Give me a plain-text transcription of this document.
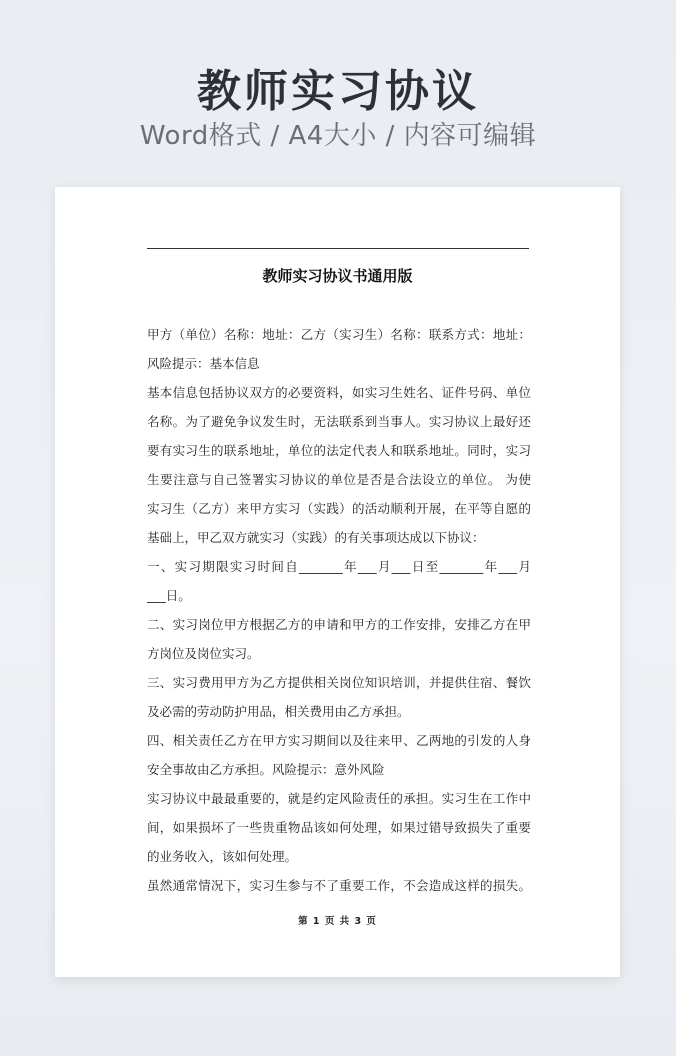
教师实习协议
Word格式 / A4大小 / 内容可编辑
教师实习协议书通用版
甲方（单位）名称：地址：乙方（实习生）名称：联系方式：地址：
风险提示：基本信息
基本信息包括协议双方的必要资料，如实习生姓名、证件号码、单位
名称。为了避免争议发生时，无法联系到当事人。实习协议上最好还
要有实习生的联系地址，单位的法定代表人和联系地址。同时，实习
生要注意与自己签署实习协议的单位是否是合法设立的单位。 为使
实习生（乙方）来甲方实习（实践）的活动顺利开展，在平等自愿的
基础上，甲乙双方就实习（实践）的有关事项达成以下协议：
一、实习期限实习时间自_______年___月___日至_______年___月
___日。
二、实习岗位甲方根据乙方的申请和甲方的工作安排，安排乙方在甲
方岗位及岗位实习。
三、实习费用甲方为乙方提供相关岗位知识培训，并提供住宿、餐饮
及必需的劳动防护用品，相关费用由乙方承担。
四、相关责任乙方在甲方实习期间以及往来甲、乙两地的引发的人身
安全事故由乙方承担。风险提示：意外风险
实习协议中最最重要的，就是约定风险责任的承担。实习生在工作中
间，如果损坏了一些贵重物品该如何处理，如果过错导致损失了重要
的业务收入，该如何处理。
虽然通常情况下，实习生参与不了重要工作，不会造成这样的损失。
第 1 页 共 3 页
